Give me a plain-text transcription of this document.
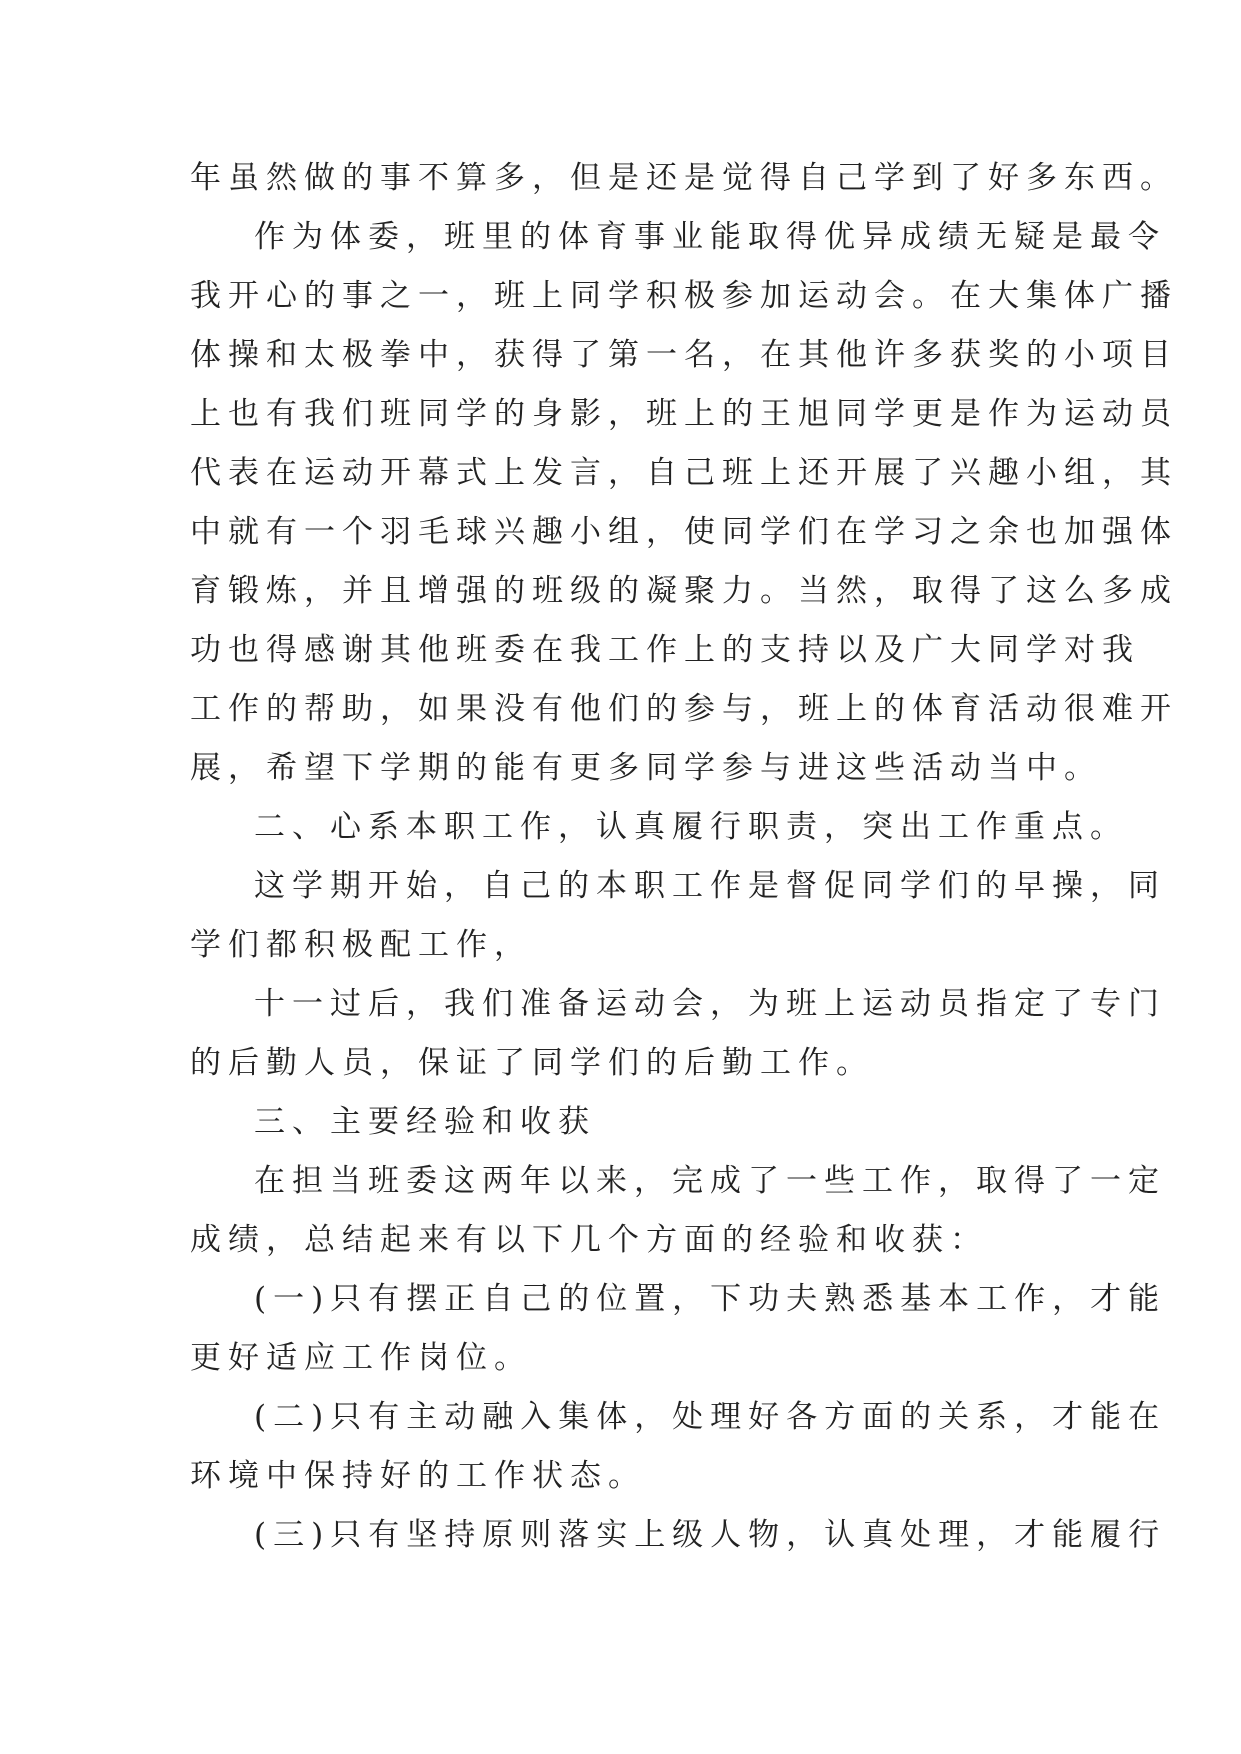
年虽然做的事不算多，但是还是觉得自己学到了好多东西。
作为体委，班里的体育事业能取得优异成绩无疑是最令
我开心的事之一，班上同学积极参加运动会。在大集体广播
体操和太极拳中，获得了第一名，在其他许多获奖的小项目
上也有我们班同学的身影，班上的王旭同学更是作为运动员
代表在运动开幕式上发言，自己班上还开展了兴趣小组，其
中就有一个羽毛球兴趣小组，使同学们在学习之余也加强体
育锻炼，并且增强的班级的凝聚力。当然，取得了这么多成
功也得感谢其他班委在我工作上的支持以及广大同学对我
工作的帮助，如果没有他们的参与，班上的体育活动很难开
展，希望下学期的能有更多同学参与进这些活动当中。
二、心系本职工作，认真履行职责，突出工作重点。
这学期开始，自己的本职工作是督促同学们的早操，同
学们都积极配工作，
十一过后，我们准备运动会，为班上运动员指定了专门
的后勤人员，保证了同学们的后勤工作。
三、主要经验和收获
在担当班委这两年以来，完成了一些工作，取得了一定
成绩，总结起来有以下几个方面的经验和收获：
(一)只有摆正自己的位置，下功夫熟悉基本工作，才能
更好适应工作岗位。
(二)只有主动融入集体，处理好各方面的关系，才能在
环境中保持好的工作状态。
(三)只有坚持原则落实上级人物，认真处理，才能履行
